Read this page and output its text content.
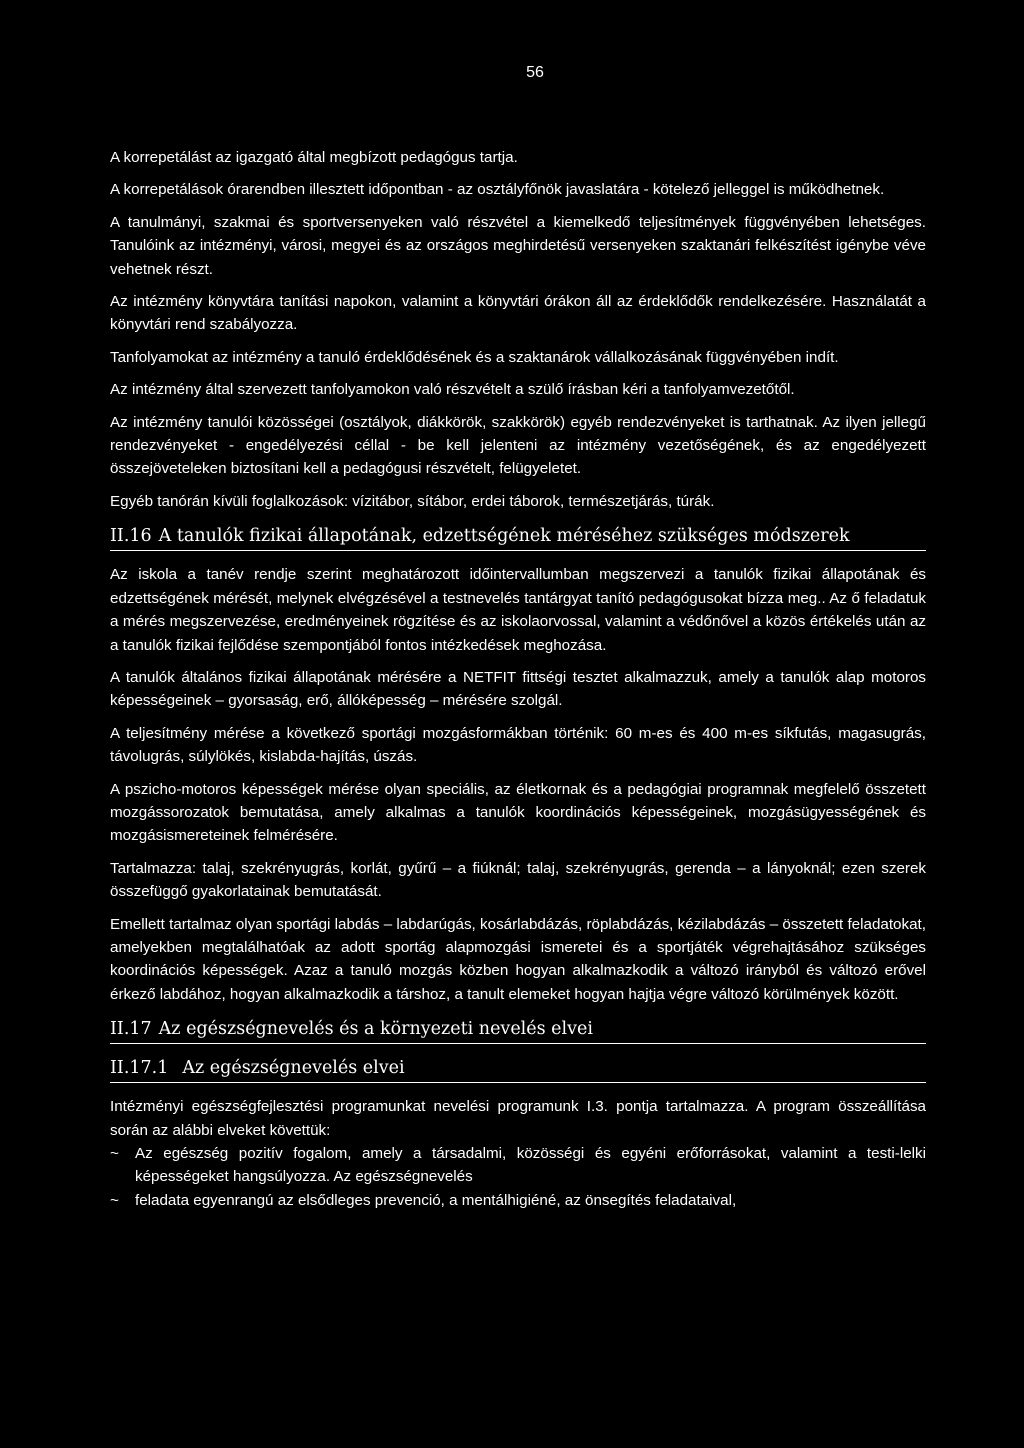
56

A korrepetálást az igazgató által megbízott pedagógus tartja.

A korrepetálások órarendben illesztett időpontban - az osztályfőnök javaslatára - kötelező jelleggel is működhetnek.

A tanulmányi, szakmai és sportversenyeken való részvétel a kiemelkedő teljesítmények függvényében lehetséges. Tanulóink az intézményi, városi, megyei és az országos meghirdetésű versenyeken szaktanári felkészítést igénybe véve vehetnek részt.

Az intézmény könyvtára tanítási napokon, valamint a könyvtári órákon áll az érdeklődők rendelkezésére. Használatát a könyvtári rend szabályozza.

Tanfolyamokat az intézmény a tanuló érdeklődésének és a szaktanárok vállalkozásának függvényében indít.

Az intézmény által szervezett tanfolyamokon való részvételt a szülő írásban kéri a tanfolyamvezetőtől.

Az intézmény tanulói közösségei (osztályok, diákkörök, szakkörök) egyéb rendezvényeket is tarthatnak. Az ilyen jellegű rendezvényeket - engedélyezési céllal - be kell jelenteni az intézmény vezetőségének, és az engedélyezett összejöveteleken biztosítani kell a pedagógusi részvételt, felügyeletet.

Egyéb tanórán kívüli foglalkozások: vízitábor, sítábor, erdei táborok, természetjárás, túrák.

II.16 A tanulók fizikai állapotának, edzettségének méréséhez szükséges módszerek

Az iskola a tanév rendje szerint meghatározott időintervallumban megszervezi a tanulók fizikai állapotának és edzettségének mérését, melynek elvégzésével a testnevelés tantárgyat tanító pedagógusokat bízza meg.. Az ő feladatuk a mérés megszervezése, eredményeinek rögzítése és az iskolaorvossal, valamint a védőnővel a közös értékelés után az a tanulók fizikai fejlődése szempontjából fontos intézkedések meghozása.

A tanulók általános fizikai állapotának mérésére a NETFIT fittségi tesztet alkalmazzuk, amely a tanulók alap motoros képességeinek – gyorsaság, erő, állóképesség – mérésére szolgál.

A teljesítmény mérése a következő sportági mozgásformákban történik: 60 m-es és 400 m-es síkfutás, magasugrás, távolugrás, súlylökés, kislabda-hajítás, úszás.

A pszicho-motoros képességek mérése olyan speciális, az életkornak és a pedagógiai programnak megfelelő összetett mozgássorozatok bemutatása, amely alkalmas a tanulók koordinációs képességeinek, mozgásügyességének és mozgásismereteinek felmérésére.

Tartalmazza: talaj, szekrényugrás, korlát, gyűrű – a fiúknál; talaj, szekrényugrás, gerenda – a lányoknál; ezen szerek összefüggő gyakorlatainak bemutatását.

Emellett tartalmaz olyan sportági labdás – labdarúgás, kosárlabdázás, röplabdázás, kézilabdázás – összetett feladatokat, amelyekben megtalálhatóak az adott sportág alapmozgási ismeretei és a sportjáték végrehajtásához szükséges koordinációs képességek. Azaz a tanuló mozgás közben hogyan alkalmazkodik a változó irányból és változó erővel érkező labdához, hogyan alkalmazkodik a társhoz, a tanult elemeket hogyan hajtja végre változó körülmények között.

II.17 Az egészségnevelés és a környezeti nevelés elvei
II.17.1 Az egészségnevelés elvei

Intézményi egészségfejlesztési programunkat nevelési programunk I.3. pontja tartalmazza. A program összeállítása során az alábbi elveket követtük:

~ Az egészség pozitív fogalom, amely a társadalmi, közösségi és egyéni erőforrásokat, valamint a testi-lelki képességeket hangsúlyozza. Az egészségnevelés
~ feladata egyenrangú az elsődleges prevenció, a mentálhigiéné, az önsegítés feladataival,
